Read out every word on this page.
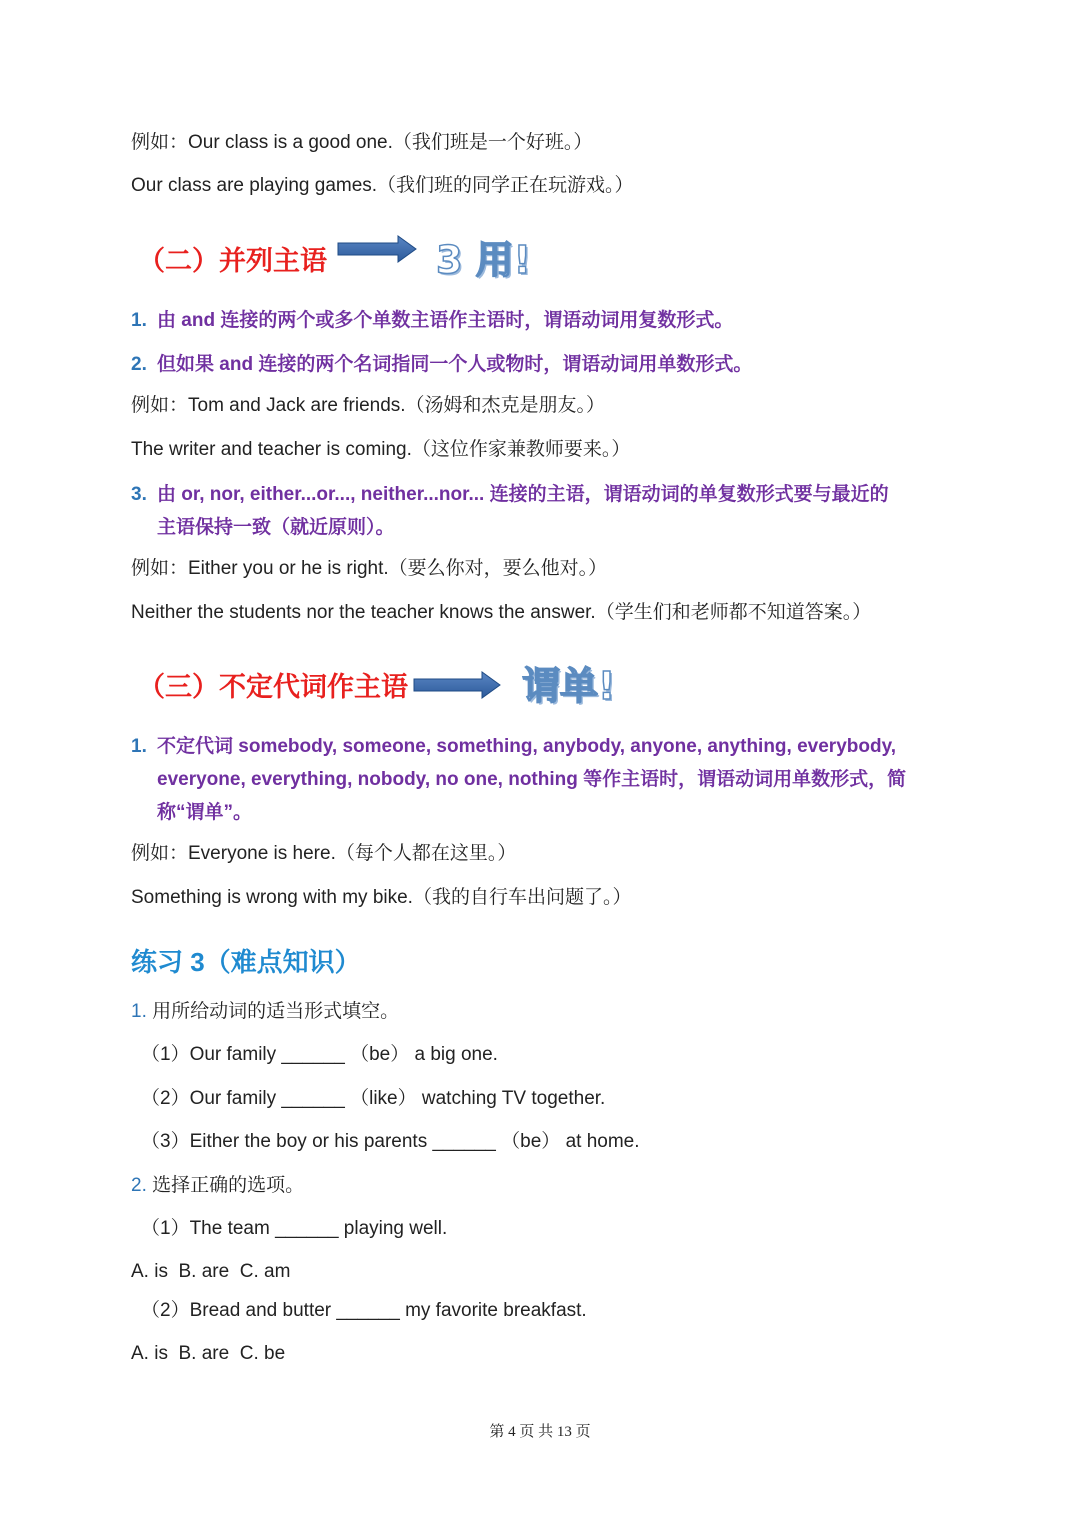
例如：Our class is a good one.（我们班是一个好班。）
Our class are playing games.（我们班的同学正在玩游戏。）
（二）并列主语	3 用!
1. 由 and 连接的两个或多个单数主语作主语时，谓语动词用复数形式。
2. 但如果 and 连接的两个名词指同一个人或物时，谓语动词用单数形式。
例如：Tom and Jack are friends.（汤姆和杰克是朋友。）
The writer and teacher is coming.（这位作家兼教师要来。）
3. 由 or, nor, either...or..., neither...nor... 连接的主语，谓语动词的单复数形式要与最近的
主语保持一致（就近原则）。
例如：Either you or he is right.（要么你对，要么他对。）
Neither the students nor the teacher knows the answer.（学生们和老师都不知道答案。）
（三）不定代词作主语	谓单!
1. 不定代词 somebody, someone, something, anybody, anyone, anything, everybody,
everyone, everything, nobody, no one, nothing 等作主语时，谓语动词用单数形式，简
称“谓单”。
例如：Everyone is here.（每个人都在这里。）
Something is wrong with my bike.（我的自行车出问题了。）
练习 3（难点知识）
1. 用所给动词的适当形式填空。
（1）Our family ______ （be） a big one.
（2）Our family ______ （like） watching TV together.
（3）Either the boy or his parents ______ （be） at home.
2. 选择正确的选项。
（1）The team ______ playing well.
A. is  B. are  C. am
（2）Bread and butter ______ my favorite breakfast.
A. is  B. are  C. be
第 4 页 共 13 页
